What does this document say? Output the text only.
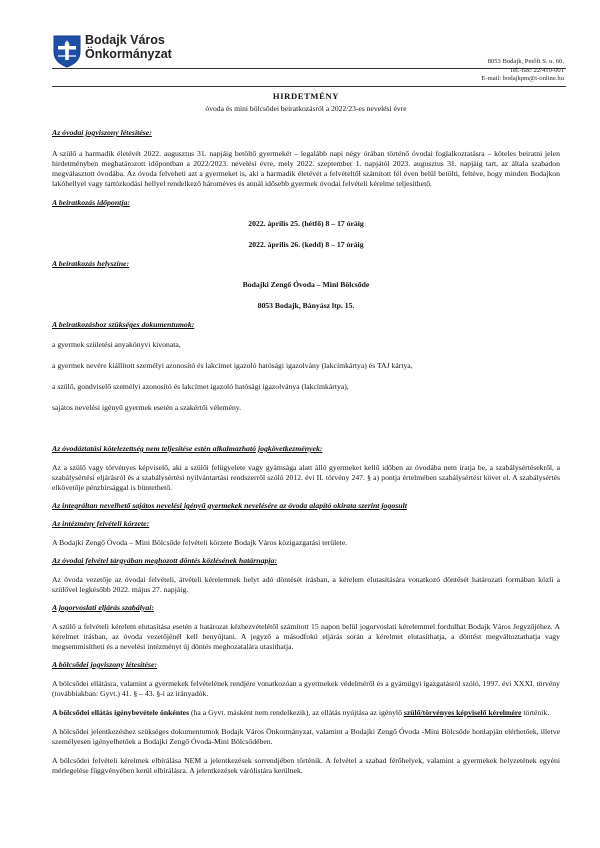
Bodajk Város
Önkormányzat
8053 Bodajk, Petőfi S. u. 60.
Tel.-fax: 22/410-001
E-mail: bodajkpm@t-online.hu
HIRDETMÉNY
óvoda és mini bölcsődei beiratkozásról a 2022/23-es nevelési évre
Az óvodai jogviszony létesítése:
A szülő a harmadik életévét 2022. augusztus 31. napjáig betöltő gyermekét – legalább napi négy órában történő óvodai foglalkoztatásra – köteles beiratni jelen hirdetményben meghatározott időpontban a 2022/2023. nevelési évre, mely 2022. szeptember 1. napjától 2023. augusztus 31. napjáig tart, az általa szabadon megválasztott óvodába. Az óvoda felveheti azt a gyermeket is, aki a harmadik életévét a felvételtől számított fél éven belül betölti, feltéve, hogy minden Bodajkon lakóhellyel vagy tartózkodási hellyel rendelkező hároméves és annál idősebb gyermek óvodai felvételi kérelme teljesíthető.
A beiratkozás időpontja:
2022. április 25. (hétfő) 8 – 17 óráig
2022. április 26. (kedd) 8 – 17 óráig
A beiratkozás helyszíne:
Bodajki Zengő Óvoda – Mini Bölcsőde
8053 Bodajk, Bányász ltp. 15.
A beiratkozáshoz szükséges dokumentumok:
a gyermek születési anyakönyvi kivonata,
a gyermek nevére kiállított személyi azonosító és lakcímet igazoló hatósági igazolvány (lakcímkártya) és TAJ kártya,
a szülő, gondviselő személyi azonosító és lakcímet igazoló hatósági igazolványa (lakcímkártya),
sajátos nevelési igényű gyermek esetén a szakértői vélemény.
Az óvodáztatási kötelezettség nem teljesítése estén alkalmazható jogkövetkezmények:
Az a szülő vagy törvényes képviselő, aki a szülői felügyelete vagy gyámsága alatt álló gyermeket kellő időben az óvodába nem íratja be, a szabálysértésekről, a szabálysértési eljárásról és a szabálysértési nyilvántartási rendszerről szóló 2012. évi II. törvény 247. § a) pontja értelmében szabálysértést követ el. A szabálysértés elkövetője pénzbírsággal is büntethető.
Az integráltan nevelhető sajátos nevelési igényű gyermekek nevelésére az óvoda alapító okirata szerint jogosult
Az intézmény felvételi körzete:
A Bodajki Zengő Óvoda – Mini Bölcsőde felvételi körzete Bodajk Város közigazgatási területe.
Az óvodai felvétel tárgyában meghozott döntés közlésének határnapja:
Az óvoda vezetője az óvodai felvételi, átvételi kérelemnek helyt adó döntését írásban, a kérelem elutasítására vonatkozó döntését határozati formában közli a szülővel legkésőbb 2022. május 27. napjáig.
A jogorvoslati eljárás szabályai:
A szülő a felvételi kérelem elutasítása esetén a határozat kézhezvételétől számított 15 napon belül jogorvoslati kérelemmel fordulhat Bodajk Város Jegyzőjéhez. A kérelmet írásban, az óvoda vezetőjénél kell benyújtani. A jegyző a másodfokú eljárás során a kérelmet elutasíthatja, a döntést megváltoztathatja vagy megsemmisítheti és a nevelési intézményt új döntés meghozatalára utasíthatja.
A bölcsődei jogviszony létesítése:
A bölcsődei ellátásra, valamint a gyermekek felvételének rendjére vonatkozóan a gyermekek védelméről és a gyámügyi igazgatásról szóló, 1997. évi XXXI. törvény (továbbiakban: Gyvt.) 41. § – 43. §-i az irányadók.
A bölcsődei ellátás igénybevétele önkéntes (ha a Gyvt. másként nem rendelkezik), az ellátás nyújtása az igénylő szülő/törvényes képviselő kérelmére történik.
A bölcsődei jelentkezéshez szükséges dokumentumok Bodajk Város Önkormányzat, valamint a Bodajki Zengő Óvoda -Mini Bölcsőde honlapján elérhetőek, illetve személyesen igényelhetőek a Bodajki Zengő Óvoda-Mini Bölcsődében.
A bölcsődei felvételi kérelmek elbírálása NEM a jelentkezések sorrendjében történik. A felvétel a szabad férőhelyek, valamint a gyermekek helyzetének egyéni mérlegelése függvényében kerül elbírálásra. A jelentkezések várólistára kerülnek.
